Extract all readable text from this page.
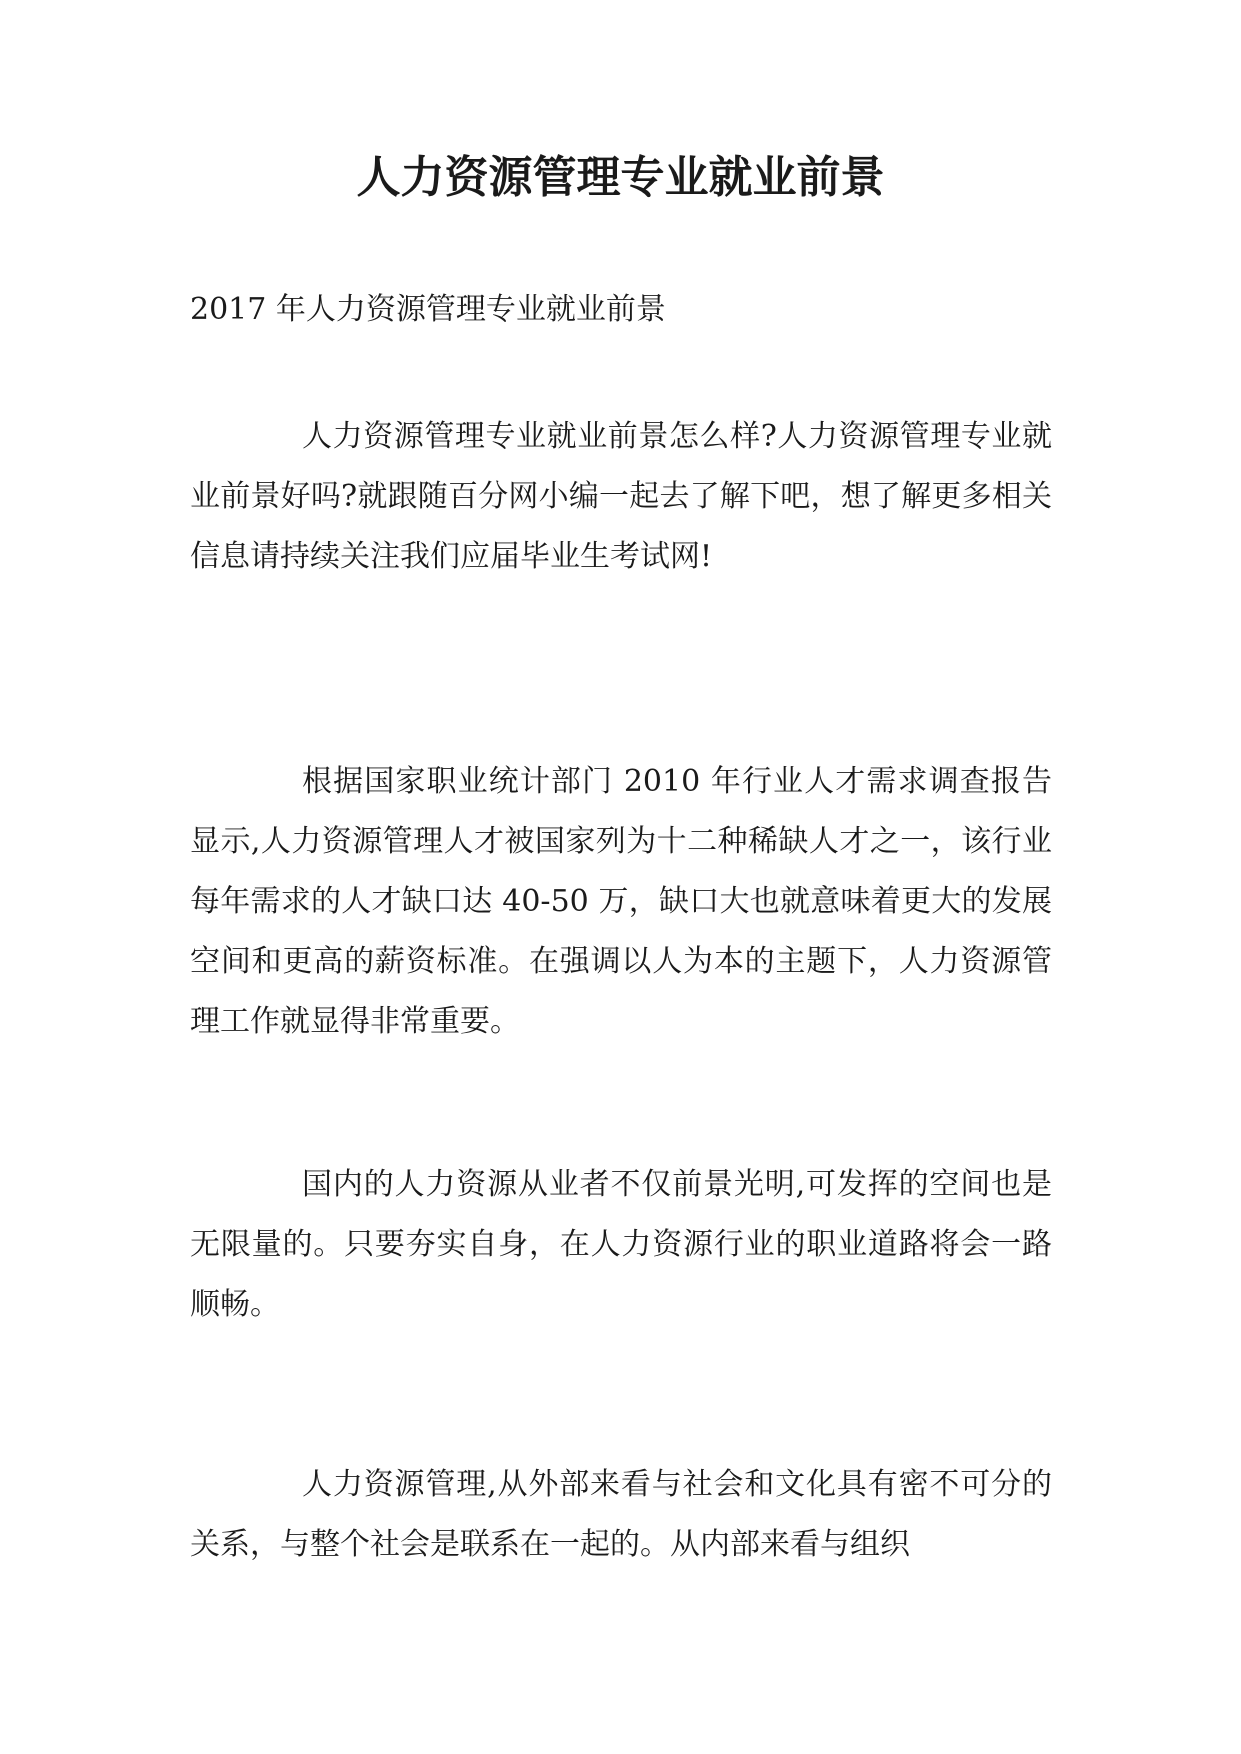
人力资源管理专业就业前景

2017 年人力资源管理专业就业前景

人力资源管理专业就业前景怎么样?人力资源管理专业就业前景好吗?就跟随百分网小编一起去了解下吧，想了解更多相关信息请持续关注我们应届毕业生考试网!

根据国家职业统计部门 2010 年行业人才需求调查报告显示,人力资源管理人才被国家列为十二种稀缺人才之一，该行业每年需求的人才缺口达 40-50 万，缺口大也就意味着更大的发展空间和更高的薪资标准。在强调以人为本的主题下，人力资源管理工作就显得非常重要。

国内的人力资源从业者不仅前景光明,可发挥的空间也是无限量的。只要夯实自身，在人力资源行业的职业道路将会一路顺畅。

人力资源管理,从外部来看与社会和文化具有密不可分的关系，与整个社会是联系在一起的。从内部来看与组织
